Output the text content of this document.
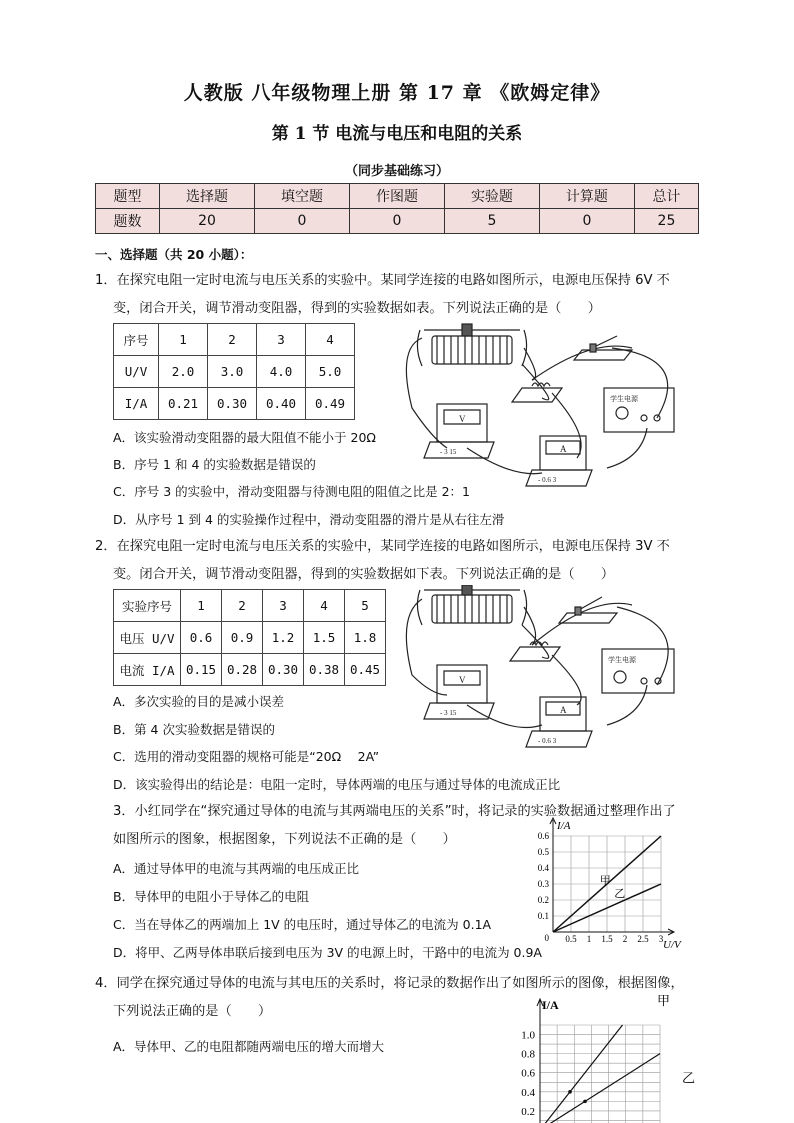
人教版 八年级物理上册 第 17 章 《欧姆定律》
第 1 节 电流与电压和电阻的关系
（同步基础练习）
题型	选择题	填空题	作图题	实验题	计算题	总计
题数	20	0	0	5	0	25
一、选择题（共 20 小题）：
1．在探究电阻一定时电流与电压关系的实验中。某同学连接的电路如图所示，电源电压保持 6V 不
变，闭合开关，调节滑动变阻器，得到的实验数据如表。下列说法正确的是（　　）
序号	1	2	3	4
U/V	2.0	3.0	4.0	5.0
I/A	0.21	0.30	0.40	0.49
A．该实验滑动变阻器的最大阻值不能小于 20Ω
B．序号 1 和 4 的实验数据是错误的
C．序号 3 的实验中，滑动变阻器与待测电阻的阻值之比是 2：1
D．从序号 1 到 4 的实验操作过程中，滑动变阻器的滑片是从右往左滑
学生电源
V
- 3 15	A
- 0.6 3
2．在探究电阻一定时电流与电压关系的实验中，某同学连接的电路如图所示，电源电压保持 3V 不
变。闭合开关，调节滑动变阻器，得到的实验数据如下表。下列说法正确的是（　　）
实验序号	1	2	3	4	5
电压 U/V	0.6	0.9	1.2	1.5	1.8
电流 I/A	0.15	0.28	0.30	0.38	0.45
A．多次实验的目的是减小误差
B．第 4 次实验数据是错误的
C．选用的滑动变阻器的规格可能是“20Ω　 2A”
D．该实验得出的结论是：电阻一定时，导体两端的电压与通过导体的电流成正比
学生电源
V
- 3 15	A
- 0.6 3
3．小红同学在“探究通过导体的电流与其两端电压的关系”时，将记录的实验数据通过整理作出了
如图所示的图象，根据图象，下列说法不正确的是（　　）
A．通过导体甲的电流与其两端的电压成正比
B．导体甲的电阻小于导体乙的电阻
C．当在导体乙的两端加上 1V 的电压时，通过导体乙的电流为 0.1A
D．将甲、乙两导体串联后接到电压为 3V 的电源上时，干路中的电流为 0.9A
0.1
0.2
0.3
0.4
0.5
0.6
0.5 1 1.5 2 2.5 3
0
I/A
U/V
甲
乙
4．同学在探究通过导体的电流与其电压的关系时，将记录的数据作出了如图所示的图像，根据图像，
下列说法正确的是（　　）
A．导体甲、乙的电阻都随两端电压的增大而增大
0.2
0.4
0.6
0.8
1.0
I/A	甲
乙
